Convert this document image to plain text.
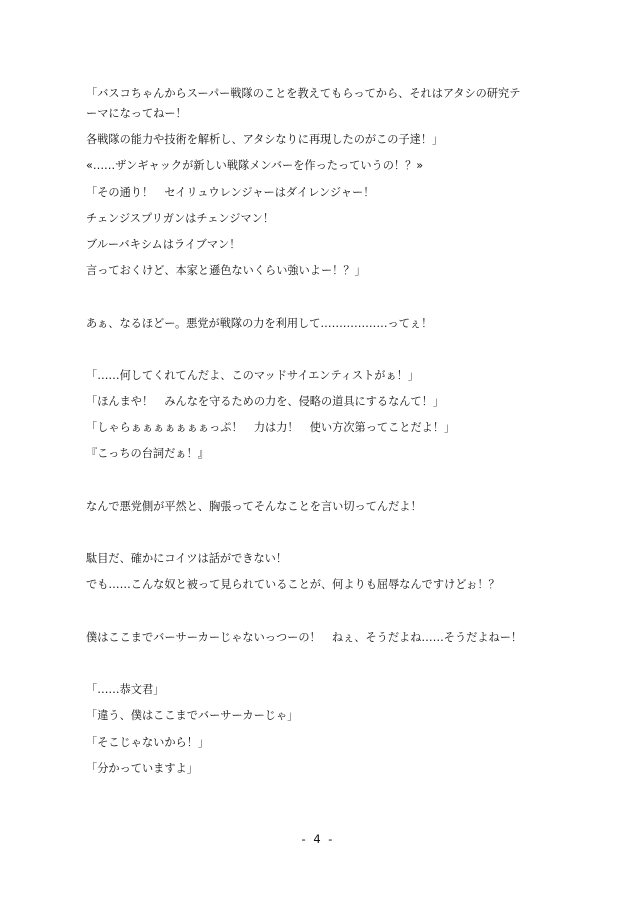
「バスコちゃんからスーパー戦隊のことを教えてもらってから、それはアタシの研究テ
ーマになってねー！
各戦隊の能力や技術を解析し、アタシなりに再現したのがこの子達！」
«……ザンギャックが新しい戦隊メンバーを作ったっていうの！？»
「その通り！　セイリュウレンジャーはダイレンジャー！
チェンジスプリガンはチェンジマン！
ブルーバキシムはライブマン！
言っておくけど、本家と遜色ないくらい強いよー！？」
あぁ、なるほどー。悪党が戦隊の力を利用して………………ってぇ！
「……何してくれてんだよ、このマッドサイエンティストがぁ！」
「ほんまや！　みんなを守るための力を、侵略の道具にするなんて！」
「しゃらぁぁぁぁぁぁぁっぷ！　力は力！　使い方次第ってことだよ！」
『こっちの台詞だぁ！』
なんで悪党側が平然と、胸張ってそんなことを言い切ってんだよ！
駄目だ、確かにコイツは話ができない！
でも……こんな奴と被って見られていることが、何よりも屈辱なんですけどぉ！？
僕はここまでバーサーカーじゃないっつーの！　ねぇ、そうだよね……そうだよねー！
「……恭文君」
「違う、僕はここまでバーサーカーじゃ」
「そこじゃないから！」
「分かっていますよ」
- 4 -
